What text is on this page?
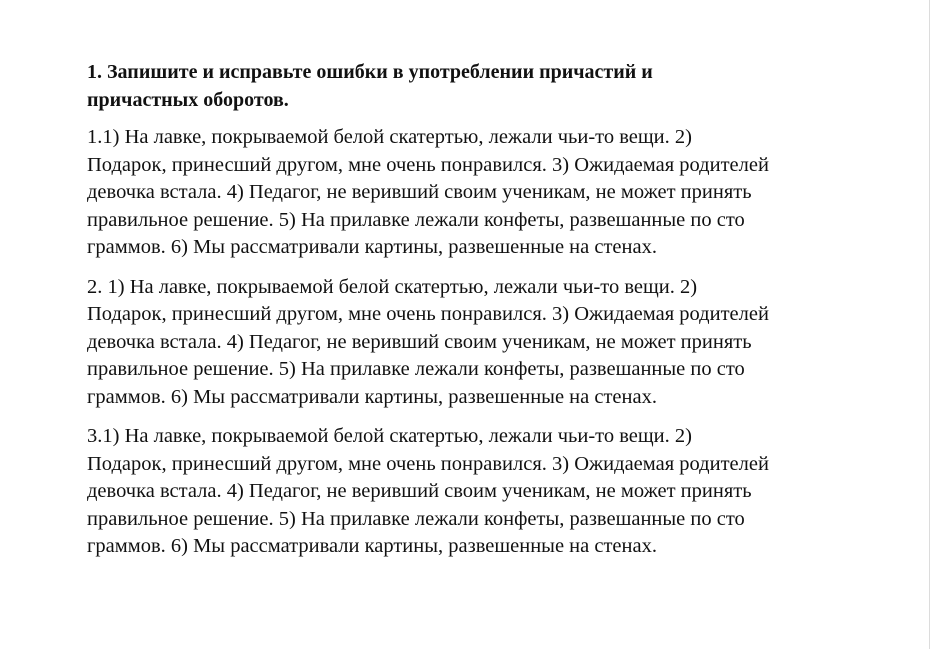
1. Запишите и исправьте ошибки в употреблении причастий и
причастных оборотов.
1.1) На лавке, покрываемой белой скатертью, лежали чьи-то вещи. 2)
Подарок, принесший другом, мне очень понравился. 3) Ожидаемая родителей
девочка встала. 4) Педагог, не веривший своим ученикам, не может принять
правильное решение. 5) На прилавке лежали конфеты, развешанные по сто
граммов. 6) Мы рассматривали картины, развешенные на стенах.
2. 1) На лавке, покрываемой белой скатертью, лежали чьи-то вещи. 2)
Подарок, принесший другом, мне очень понравился. 3) Ожидаемая родителей
девочка встала. 4) Педагог, не веривший своим ученикам, не может принять
правильное решение. 5) На прилавке лежали конфеты, развешанные по сто
граммов. 6) Мы рассматривали картины, развешенные на стенах.
3.1) На лавке, покрываемой белой скатертью, лежали чьи-то вещи. 2)
Подарок, принесший другом, мне очень понравился. 3) Ожидаемая родителей
девочка встала. 4) Педагог, не веривший своим ученикам, не может принять
правильное решение. 5) На прилавке лежали конфеты, развешанные по сто
граммов. 6) Мы рассматривали картины, развешенные на стенах.
